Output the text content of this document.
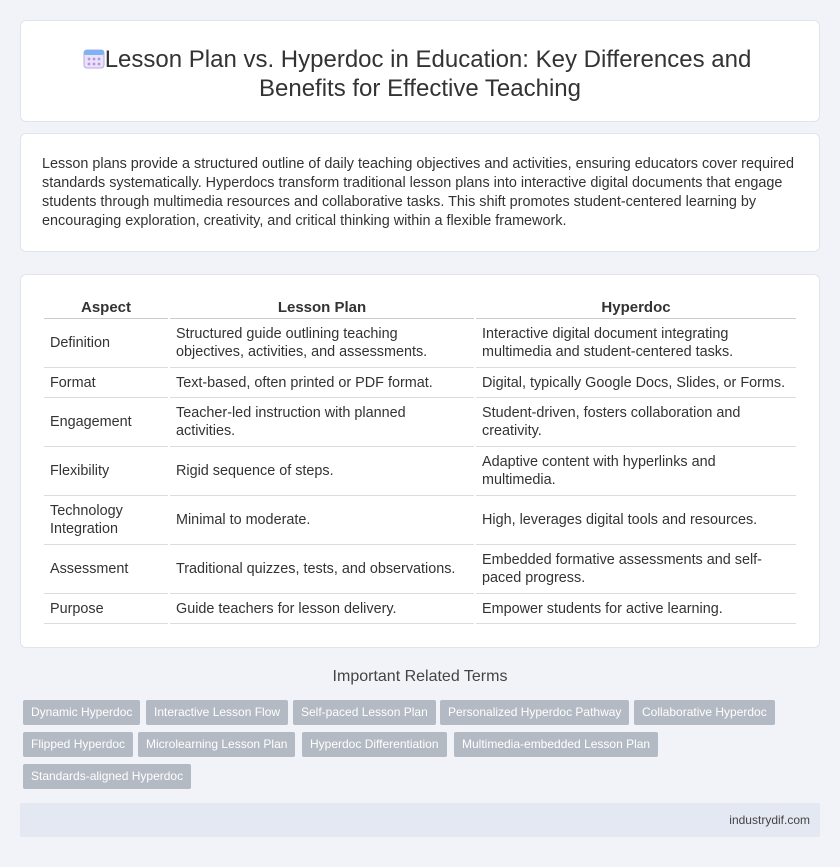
Lesson Plan vs. Hyperdoc in Education: Key Differences and
Benefits for Effective Teaching

Lesson plans provide a structured outline of daily teaching objectives and activities, ensuring educators cover required standards systematically. Hyperdocs transform traditional lesson plans into interactive digital documents that engage students through multimedia resources and collaborative tasks. This shift promotes student-centered learning by encouraging exploration, creativity, and critical thinking within a flexible framework.

Aspect	Lesson Plan	Hyperdoc
Definition	Structured guide outlining teaching objectives, activities, and assessments.	Interactive digital document integrating multimedia and student-centered tasks.
Format	Text-based, often printed or PDF format.	Digital, typically Google Docs, Slides, or Forms.
Engagement	Teacher-led instruction with planned activities.	Student-driven, fosters collaboration and creativity.
Flexibility	Rigid sequence of steps.	Adaptive content with hyperlinks and multimedia.
Technology Integration	Minimal to moderate.	High, leverages digital tools and resources.
Assessment	Traditional quizzes, tests, and observations.	Embedded formative assessments and self-paced progress.
Purpose	Guide teachers for lesson delivery.	Empower students for active learning.
Important Related Terms
Dynamic Hyperdoc	Interactive Lesson Flow	Self-paced Lesson Plan	Personalized Hyperdoc Pathway	Collaborative Hyperdoc
Flipped Hyperdoc	Microlearning Lesson Plan	Hyperdoc Differentiation	Multimedia-embedded Lesson Plan
Standards-aligned Hyperdoc
industrydif.com
